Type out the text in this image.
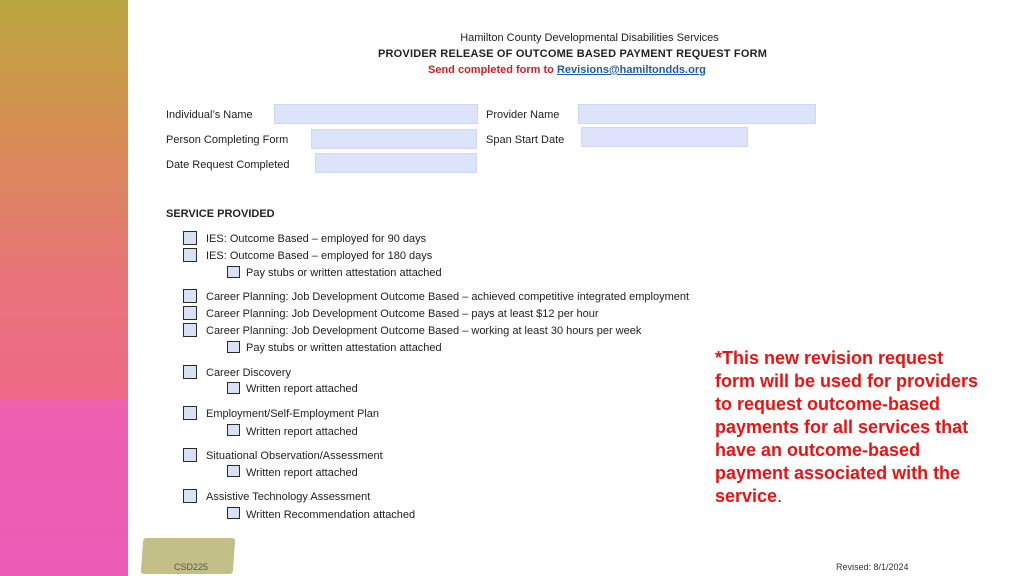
CSD225
Hamilton County Developmental Disabilities Services
PROVIDER RELEASE OF OUTCOME BASED PAYMENT REQUEST FORM
Send completed form to Revisions@hamiltondds.org
Individual’s Name	Provider Name
Person Completing Form	Span Start Date
Date Request Completed
SERVICE PROVIDED
IES: Outcome Based – employed for 90 days
IES: Outcome Based – employed for 180 days
Pay stubs or written attestation attached
Career Planning: Job Development Outcome Based – achieved competitive integrated employment
Career Planning: Job Development Outcome Based – pays at least $12 per hour
Career Planning: Job Development Outcome Based – working at least 30 hours per week
Pay stubs or written attestation attached
Career Discovery
Written report attached
Employment/Self-Employment Plan
Written report attached
Situational Observation/Assessment
Written report attached
Assistive Technology Assessment
Written Recommendation attached
*This new revision request form will be used for providers to request outcome-based payments for all services that have an outcome-based payment associated with the service.
Revised: 8/1/2024
